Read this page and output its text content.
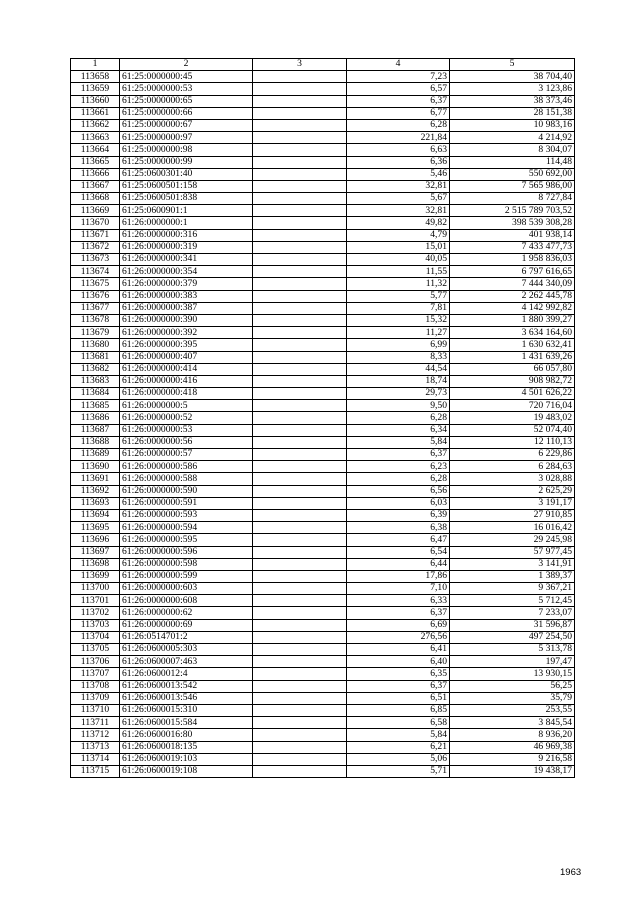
1	2	3	4	5
113658	61:25:0000000:45		7,23	38 704,40
113659	61:25:0000000:53		6,57	3 123,86
113660	61:25:0000000:65		6,37	38 373,46
113661	61:25:0000000:66		6,77	28 151,38
113662	61:25:0000000:67		6,28	10 983,16
113663	61:25:0000000:97		221,84	4 214,92
113664	61:25:0000000:98		6,63	8 304,07
113665	61:25:0000000:99		6,36	114,48
113666	61:25:0600301:40		5,46	550 692,00
113667	61:25:0600501:158		32,81	7 565 986,00
113668	61:25:0600501:838		5,67	8 727,84
113669	61:25:0600901:1		32,81	2 515 789 703,52
113670	61:26:0000000:1		49,82	398 539 308,28
113671	61:26:0000000:316		4,79	401 938,14
113672	61:26:0000000:319		15,01	7 433 477,73
113673	61:26:0000000:341		40,05	1 958 836,03
113674	61:26:0000000:354		11,55	6 797 616,65
113675	61:26:0000000:379		11,32	7 444 340,09
113676	61:26:0000000:383		5,77	2 262 445,78
113677	61:26:0000000:387		7,81	4 142 992,82
113678	61:26:0000000:390		15,32	1 880 399,27
113679	61:26:0000000:392		11,27	3 634 164,60
113680	61:26:0000000:395		6,99	1 630 632,41
113681	61:26:0000000:407		8,33	1 431 639,26
113682	61:26:0000000:414		44,54	66 057,80
113683	61:26:0000000:416		18,74	908 982,72
113684	61:26:0000000:418		29,73	4 501 626,22
113685	61:26:0000000:5		9,50	720 716,04
113686	61:26:0000000:52		6,28	19 483,02
113687	61:26:0000000:53		6,34	52 074,40
113688	61:26:0000000:56		5,84	12 110,13
113689	61:26:0000000:57		6,37	6 229,86
113690	61:26:0000000:586		6,23	6 284,63
113691	61:26:0000000:588		6,28	3 028,88
113692	61:26:0000000:590		6,56	2 625,29
113693	61:26:0000000:591		6,03	3 191,17
113694	61:26:0000000:593		6,39	27 910,85
113695	61:26:0000000:594		6,38	16 016,42
113696	61:26:0000000:595		6,47	29 245,98
113697	61:26:0000000:596		6,54	57 977,45
113698	61:26:0000000:598		6,44	3 141,91
113699	61:26:0000000:599		17,86	1 389,37
113700	61:26:0000000:603		7,10	9 367,21
113701	61:26:0000000:608		6,33	5 712,45
113702	61:26:0000000:62		6,37	7 233,07
113703	61:26:0000000:69		6,69	31 596,87
113704	61:26:0514701:2		276,56	497 254,50
113705	61:26:0600005:303		6,41	5 313,78
113706	61:26:0600007:463		6,40	197,47
113707	61:26:0600012:4		6,35	13 930,15
113708	61:26:0600013:542		6,37	56,25
113709	61:26:0600013:546		6,51	35,79
113710	61:26:0600015:310		6,85	253,55
113711	61:26:0600015:584		6,58	3 845,54
113712	61:26:0600016:80		5,84	8 936,20
113713	61:26:0600018:135		6,21	46 969,38
113714	61:26:0600019:103		5,06	9 216,58
113715	61:26:0600019:108		5,71	19 438,17
1963
